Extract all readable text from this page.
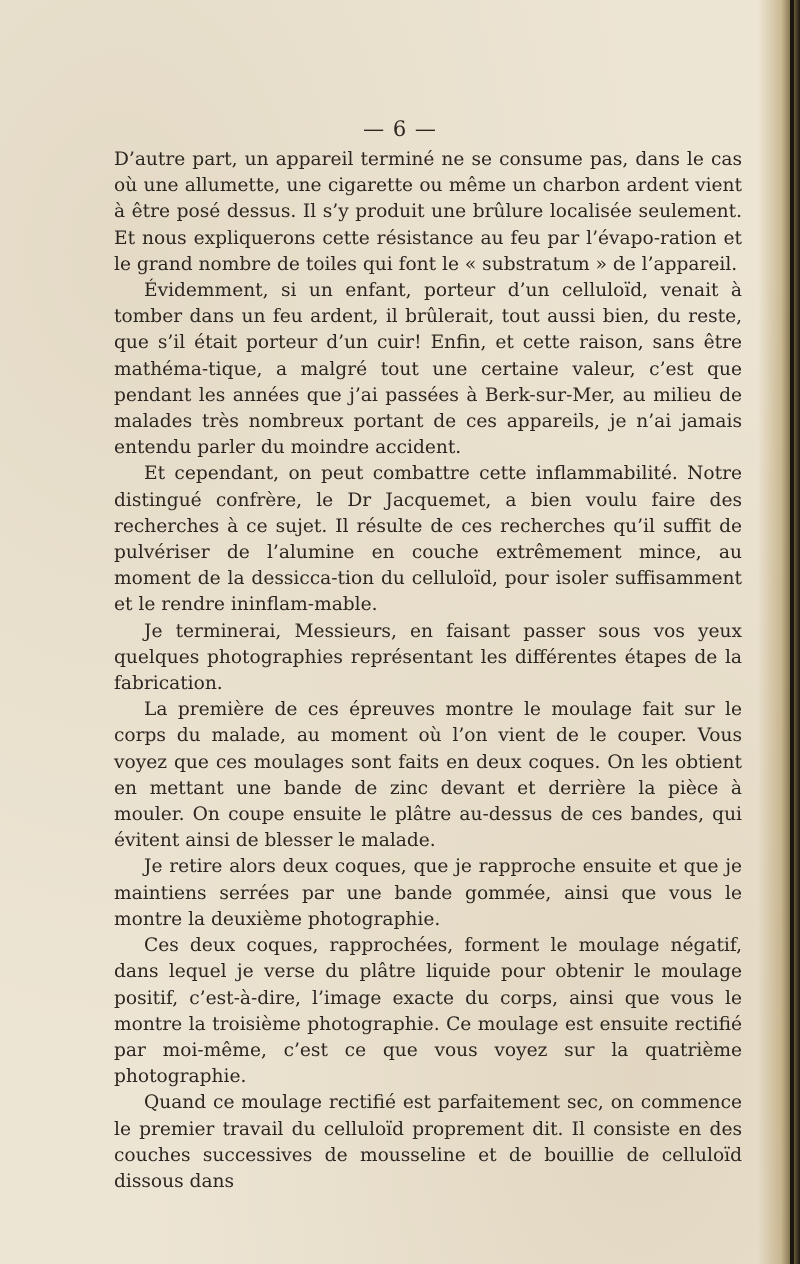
— 6 —

D’autre part, un appareil terminé ne se consume pas, dans le cas où une allumette, une cigarette ou même un charbon ardent vient à être posé dessus. Il s’y produit une brûlure localisée seulement. Et nous expliquerons cette résistance au feu par l’évapo-ration et le grand nombre de toiles qui font le « substratum » de l’appareil.

Évidemment, si un enfant, porteur d’un celluloïd, venait à tomber dans un feu ardent, il brûlerait, tout aussi bien, du reste, que s’il était porteur d’un cuir! Enfin, et cette raison, sans être mathéma-tique, a malgré tout une certaine valeur, c’est que pendant les années que j’ai passées à Berk-sur-Mer, au milieu de malades très nombreux portant de ces appareils, je n’ai jamais entendu parler du moindre accident.

Et cependant, on peut combattre cette inflammabilité. Notre distingué confrère, le Dr Jacquemet, a bien voulu faire des recherches à ce sujet. Il résulte de ces recherches qu’il suffit de pulvériser de l’alumine en couche extrêmement mince, au moment de la dessicca-tion du celluloïd, pour isoler suffisamment et le rendre ininflam-mable.

Je terminerai, Messieurs, en faisant passer sous vos yeux quelques photographies représentant les différentes étapes de la fabrication.

La première de ces épreuves montre le moulage fait sur le corps du malade, au moment où l’on vient de le couper. Vous voyez que ces moulages sont faits en deux coques. On les obtient en mettant une bande de zinc devant et derrière la pièce à mouler. On coupe ensuite le plâtre au-dessus de ces bandes, qui évitent ainsi de blesser le malade.

Je retire alors deux coques, que je rapproche ensuite et que je maintiens serrées par une bande gommée, ainsi que vous le montre la deuxième photographie.

Ces deux coques, rapprochées, forment le moulage négatif, dans lequel je verse du plâtre liquide pour obtenir le moulage positif, c’est-à-dire, l’image exacte du corps, ainsi que vous le montre la troisième photographie. Ce moulage est ensuite rectifié par moi-même, c’est ce que vous voyez sur la quatrième photographie.

Quand ce moulage rectifié est parfaitement sec, on commence le premier travail du celluloïd proprement dit. Il consiste en des couches successives de mousseline et de bouillie de celluloïd dissous dans
